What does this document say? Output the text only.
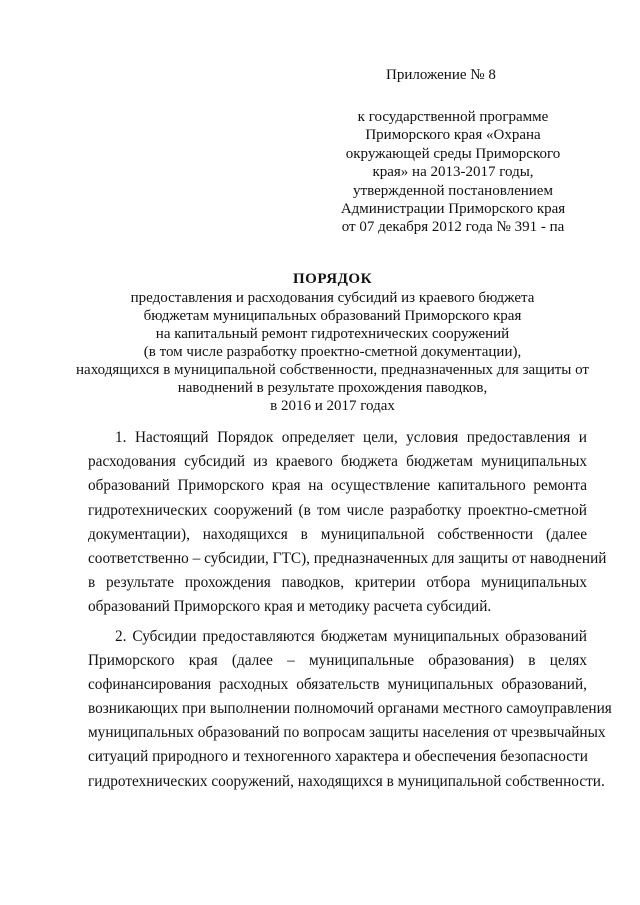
Приложение № 8
к государственной программе
Приморского края «Охрана
окружающей среды Приморского
края» на 2013-2017 годы,
утвержденной постановлением
Администрации Приморского края
от 07 декабря 2012 года № 391 - па
ПОРЯДОК
предоставления и расходования субсидий из краевого бюджета
бюджетам муниципальных образований Приморского края
на капитальный ремонт гидротехнических сооружений
(в том числе разработку проектно-сметной документации),
находящихся в муниципальной собственности, предназначенных для защиты от
наводнений в результате прохождения паводков,
в 2016 и 2017 годах
1. Настоящий Порядок определяет цели, условия предоставления и
расходования субсидий из краевого бюджета бюджетам муниципальных
образований Приморского края на осуществление капитального ремонта
гидротехнических сооружений (в том числе разработку проектно-сметной
документации), находящихся в муниципальной собственности (далее
соответственно – субсидии, ГТС), предназначенных для защиты от наводнений
в результате прохождения паводков, критерии отбора муниципальных
образований Приморского края и методику расчета субсидий.
2. Субсидии предоставляются бюджетам муниципальных образований
Приморского края (далее – муниципальные образования) в целях
софинансирования расходных обязательств муниципальных образований,
возникающих при выполнении полномочий органами местного самоуправления
муниципальных образований по вопросам защиты населения от чрезвычайных
ситуаций природного и техногенного характера и обеспечения безопасности
гидротехнических сооружений, находящихся в муниципальной собственности.
